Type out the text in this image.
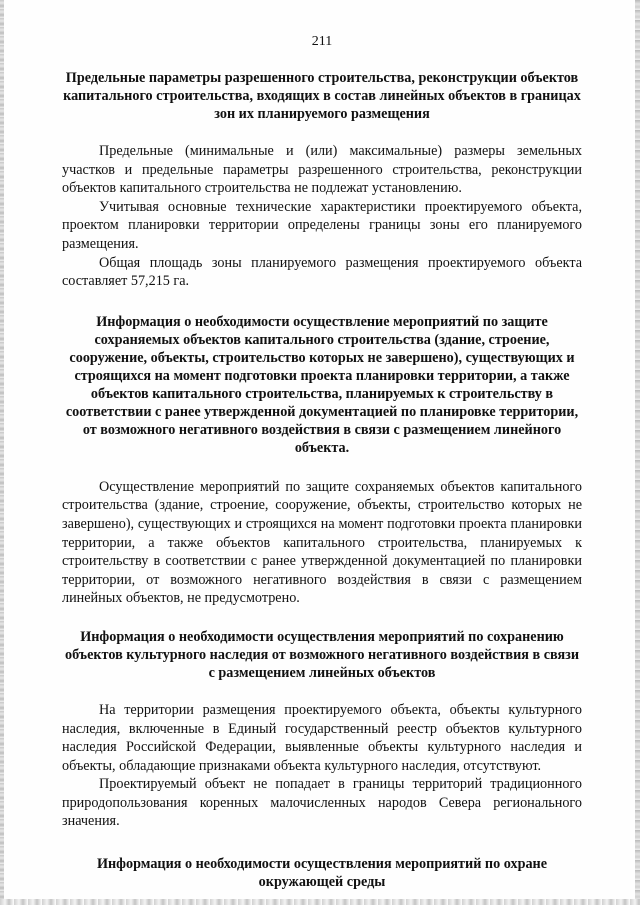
211
Предельные параметры разрешенного строительства, реконструкции объектов капитального строительства, входящих в состав линейных объектов в границах зон их планируемого размещения

Предельные (минимальные и (или) максимальные) размеры земельных участков и предельные параметры разрешенного строительства, реконструкции объектов капитального строительства не подлежат установлению.

Учитывая основные технические характеристики проектируемого объекта, проектом планировки территории определены границы зоны его планируемого размещения.

Общая площадь зоны планируемого размещения проектируемого объекта составляет 57,215 га.

Информация о необходимости осуществление мероприятий по защите сохраняемых объектов капитального строительства (здание, строение, сооружение, объекты, строительство которых не завершено), существующих и строящихся на момент подготовки проекта планировки территории, а также объектов капитального строительства, планируемых к строительству в соответствии с ранее утвержденной документацией по планировке территории, от возможного негативного воздействия в связи с размещением линейного объекта.

Осуществление мероприятий по защите сохраняемых объектов капитального строительства (здание, строение, сооружение, объекты, строительство которых не завершено), существующих и строящихся на момент подготовки проекта планировки территории, а также объектов капитального строительства, планируемых к строительству в соответствии с ранее утвержденной документацией по планировки территории, от возможного негативного воздействия в связи с размещением линейных объектов, не предусмотрено.

Информация о необходимости осуществления мероприятий по сохранению объектов культурного наследия от возможного негативного воздействия в связи с размещением линейных объектов

На территории размещения проектируемого объекта, объекты культурного наследия, включенные в Единый государственный реестр объектов культурного наследия Российской Федерации, выявленные объекты культурного наследия и объекты, обладающие признаками объекта культурного наследия, отсутствуют.

Проектируемый объект не попадает в границы территорий традиционного природопользования коренных малочисленных народов Севера регионального значения.

Информация о необходимости осуществления мероприятий по охране окружающей среды
